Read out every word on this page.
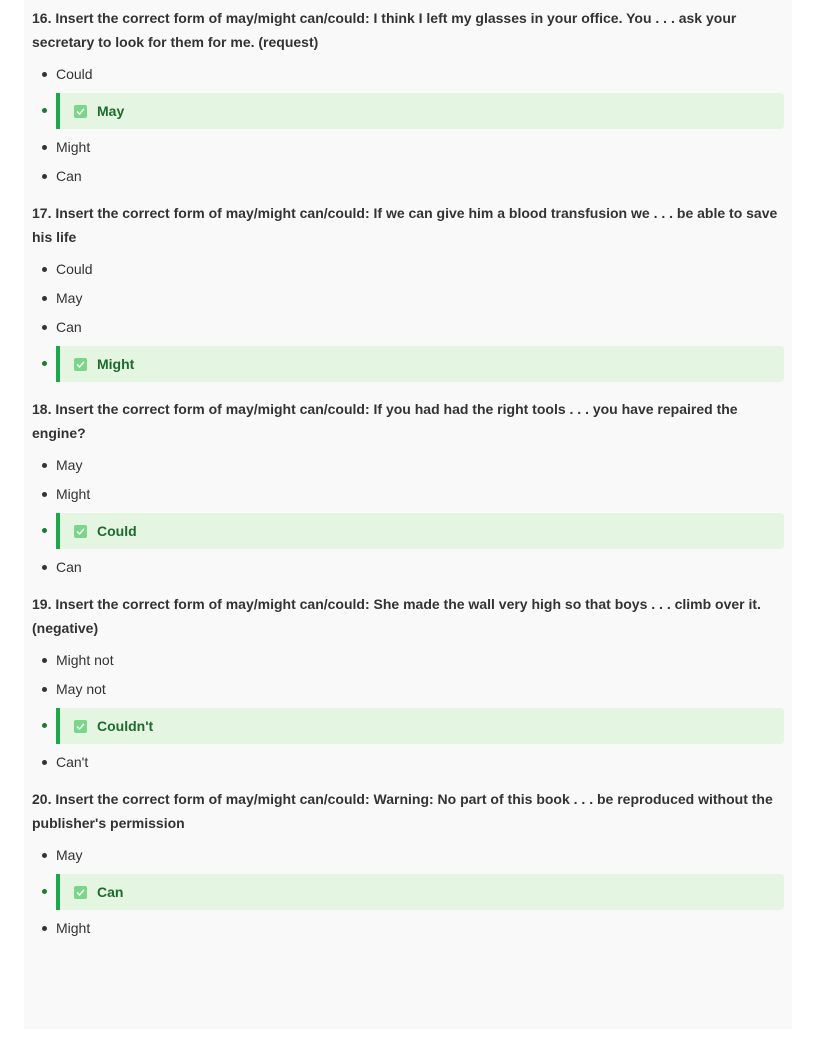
16. Insert the correct form of may/might can/could: I think I left my glasses in your office. You . . . ask your secretary to look for them for me. (request)

Could
May
Might
Can

17. Insert the correct form of may/might can/could: If we can give him a blood transfusion we . . . be able to save his life

Could
May
Can
Might

18. Insert the correct form of may/might can/could: If you had had the right tools . . . you have repaired the engine?

May
Might
Could
Can

19. Insert the correct form of may/might can/could: She made the wall very high so that boys . . . climb over it. (negative)

Might not
May not
Couldn't
Can't

20. Insert the correct form of may/might can/could: Warning: No part of this book . . . be reproduced without the publisher's permission

May
Can
Might
